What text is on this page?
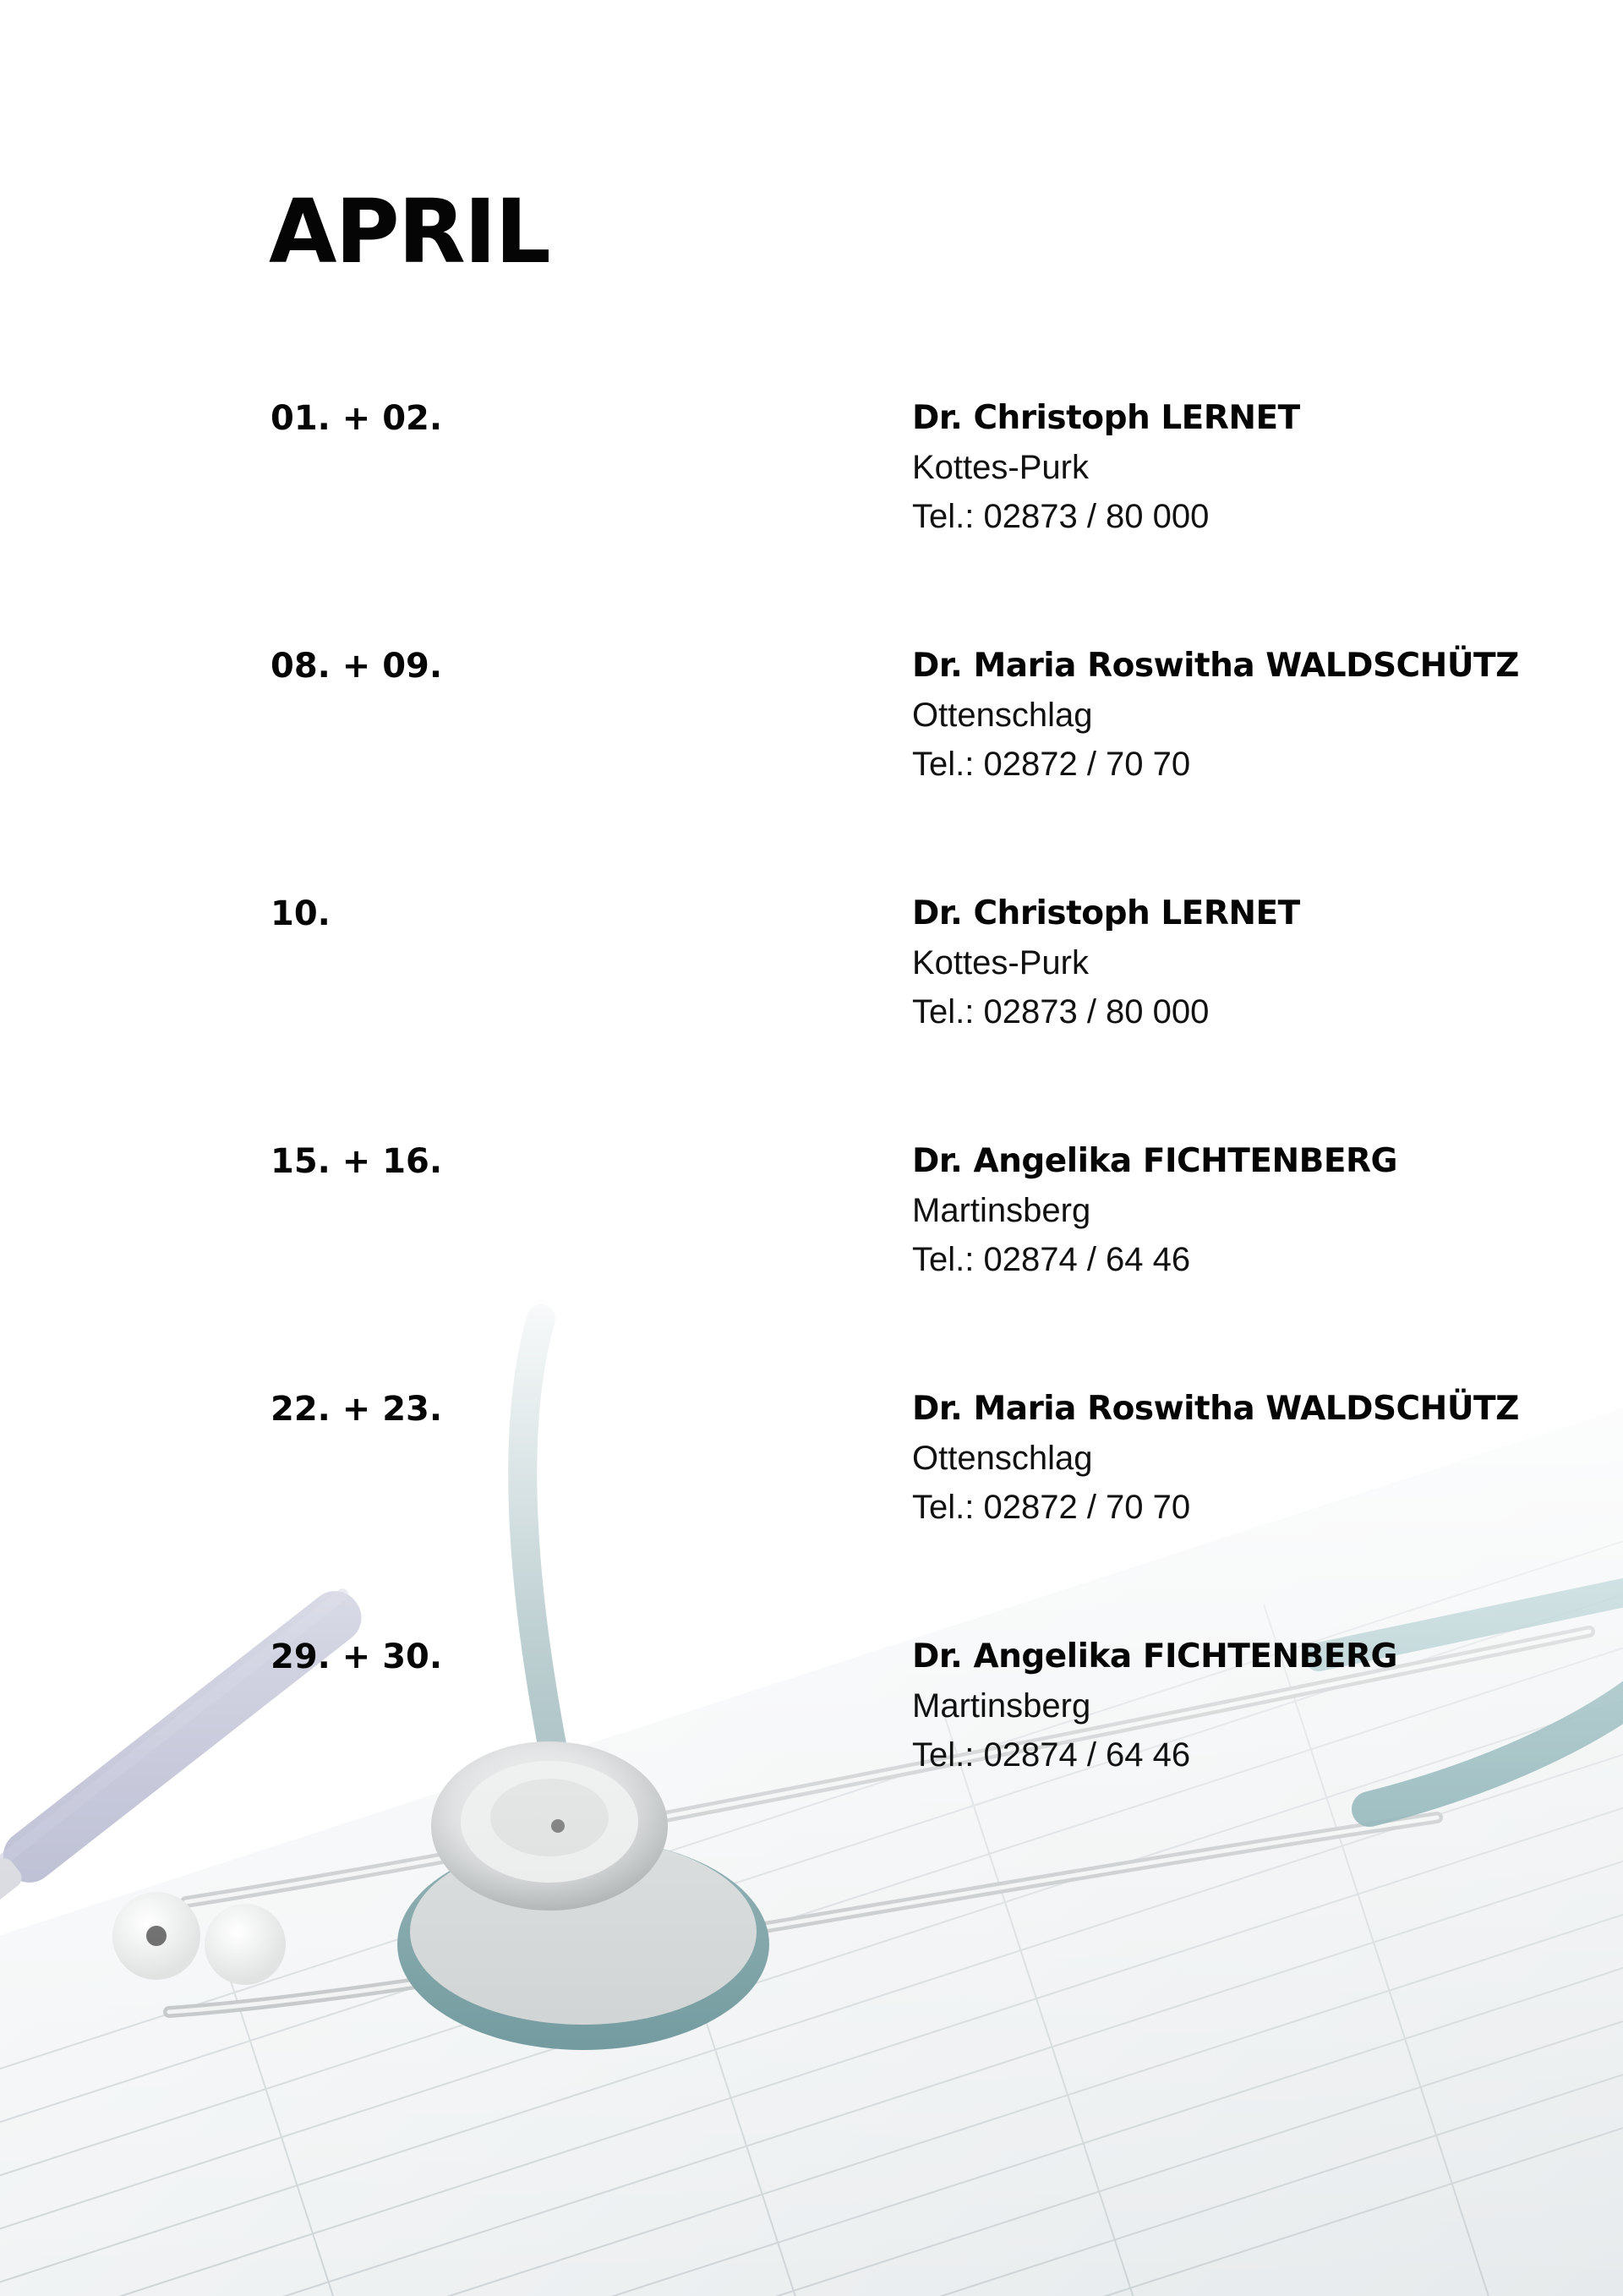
APRIL
01. + 02.	Dr. Christoph LERNET
Kottes-Purk
Tel.: 02873 / 80 000
08. + 09.	Dr. Maria Roswitha WALDSCHÜTZ
Ottenschlag
Tel.: 02872 / 70 70
10.	Dr. Christoph LERNET
Kottes-Purk
Tel.: 02873 / 80 000
15. + 16.	Dr. Angelika FICHTENBERG
Martinsberg
Tel.: 02874 / 64 46
22. + 23.	Dr. Maria Roswitha WALDSCHÜTZ
Ottenschlag
Tel.: 02872 / 70 70
29. + 30.	Dr. Angelika FICHTENBERG
Martinsberg
Tel.: 02874 / 64 46
